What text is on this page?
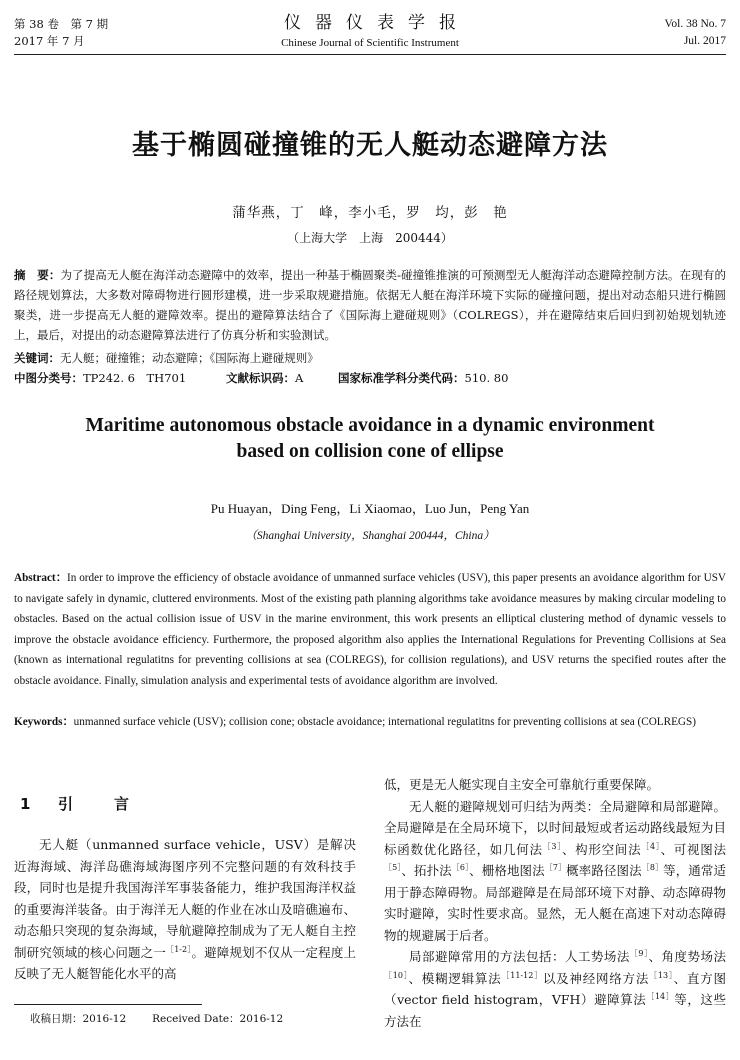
第 38 卷　第 7 期
2017 年 7 月
仪器仪表学报
Chinese Journal of Scientific Instrument
Vol. 38 No. 7
Jul. 2017
基于椭圆碰撞锥的无人艇动态避障方法
蒲华燕，丁　峰，李小毛，罗　均，彭　艳
（上海大学　上海　200444）
摘　要：为了提高无人艇在海洋动态避障中的效率，提出一种基于椭圆聚类-碰撞锥推演的可预测型无人艇海洋动态避障控制方法。在现有的路径规划算法，大多数对障碍物进行圆形建模，进一步采取规避措施。依据无人艇在海洋环境下实际的碰撞问题，提出对动态船只进行椭圆聚类，进一步提高无人艇的避障效率。提出的避障算法结合了《国际海上避碰规则》（COLREGS），并在避障结束后回归到初始规划轨迹上，最后，对提出的动态避障算法进行了仿真分析和实验测试。
关键词：无人艇；碰撞锥；动态避障；《国际海上避碰规则》
中图分类号：TP242. 6　TH701	文献标识码：A	国家标准学科分类代码：510. 80
Maritime autonomous obstacle avoidance in a dynamic environment
based on collision cone of ellipse
Pu Huayan，Ding Feng，Li Xiaomao，Luo Jun，Peng Yan
（Shanghai University，Shanghai 200444，China）
Abstract：In order to improve the efficiency of obstacle avoidance of unmanned surface vehicles (USV), this paper presents an avoidance algorithm for USV to navigate safely in dynamic, cluttered environments. Most of the existing path planning algorithms take avoidance measures by making circular modeling to obstacles. Based on the actual collision issue of USV in the marine environment, this work presents an elliptical clustering method of dynamic vessels to improve the obstacle avoidance efficiency. Furthermore, the proposed algorithm also applies the International Regulations for Preventing Collisions at Sea (known as international regulatitns for preventing collisions at sea (COLREGS), for collision regulations), and USV returns the specified routes after the obstacle avoidance. Finally, simulation analysis and experimental tests of avoidance algorithm are involved.
Keywords：unmanned surface vehicle (USV); collision cone; obstacle avoidance; international regulatitns for preventing collisions at sea (COLREGS)
1 引	言
无人艇（unmanned surface vehicle，USV）是解决近海海域、海洋岛礁海域海图序列不完整问题的有效科技手段，同时也是提升我国海洋军事装备能力，维护我国海洋权益的重要海洋装备。由于海洋无人艇的作业在冰山及暗礁遍布、动态船只突现的复杂海域，导航避障控制成为了无人艇自主控制研究领域的核心问题之一$^{[1-2]}$。避障规划不仅从一定程度上反映了无人艇智能化水平的高

低，更是无人艇实现自主安全可靠航行重要保障。

无人艇的避障规划可归结为两类：全局避障和局部避障。全局避障是在全局环境下，以时间最短或者运动路线最短为目标函数优化路径，如几何法$^{[3]}$、构形空间法$^{[4]}$、可视图法$^{[5]}$、拓扑法$^{[6]}$、栅格地图法$^{[7]}$概率路径图法$^{[8]}$等，通常适用于静态障碍物。局部避障是在局部环境下对静、动态障碍物实时避障，实时性要求高。显然，无人艇在高速下对动态障碍物的规避属于后者。

局部避障常用的方法包括：人工势场法$^{[9]}$、角度势场法$^{[10]}$、模糊逻辑算法$^{[11-12]}$以及神经网络方法$^{[13]}$、直方图（vector field histogram，VFH）避障算法$^{[14]}$等，这些方法在

收稿日期：2016-12 Received Date：2016-12
